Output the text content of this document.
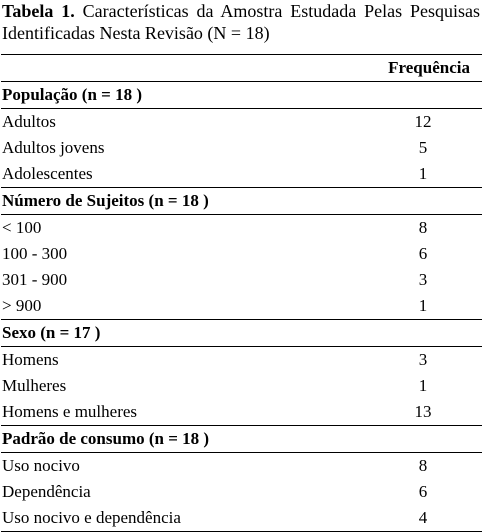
Tabela 1. Características da Amostra Estudada Pelas Pesquisas Identificadas Nesta Revisão (N = 18)
Frequência
População (n = 18 )
Adultos	12
Adultos jovens	5
Adolescentes	1
Número de Sujeitos (n = 18 )
< 100	8
100 - 300	6
301 - 900	3
> 900	1
Sexo (n = 17 )
Homens	3
Mulheres	1
Homens e mulheres	13
Padrão de consumo (n = 18 )
Uso nocivo	8
Dependência	6
Uso nocivo e dependência	4
